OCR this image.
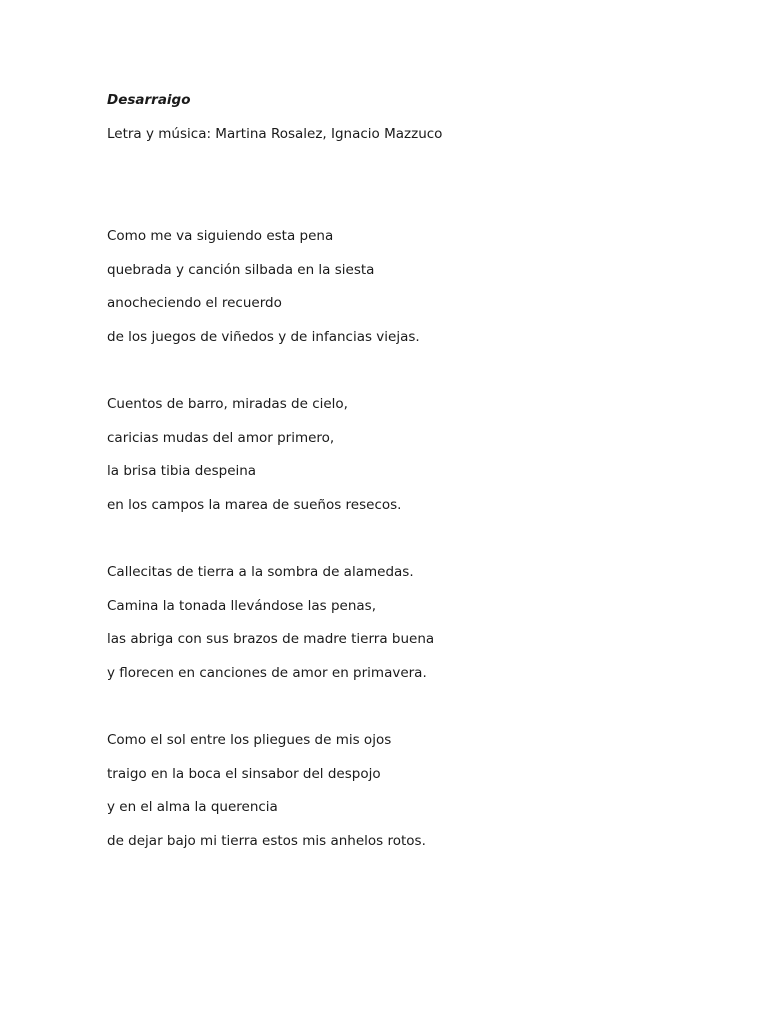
Desarraigo
Letra y música: Martina Rosalez, Ignacio Mazzuco
Como me va siguiendo esta pena
quebrada y canción silbada en la siesta
anocheciendo el recuerdo
de los juegos de viñedos y de infancias viejas.
Cuentos de barro, miradas de cielo,
caricias mudas del amor primero,
la brisa tibia despeina
en los campos la marea de sueños resecos.
Callecitas de tierra a la sombra de alamedas.
Camina la tonada llevándose las penas,
las abriga con sus brazos de madre tierra buena
y florecen en canciones de amor en primavera.
Como el sol entre los pliegues de mis ojos
traigo en la boca el sinsabor del despojo
y en el alma la querencia
de dejar bajo mi tierra estos mis anhelos rotos.
